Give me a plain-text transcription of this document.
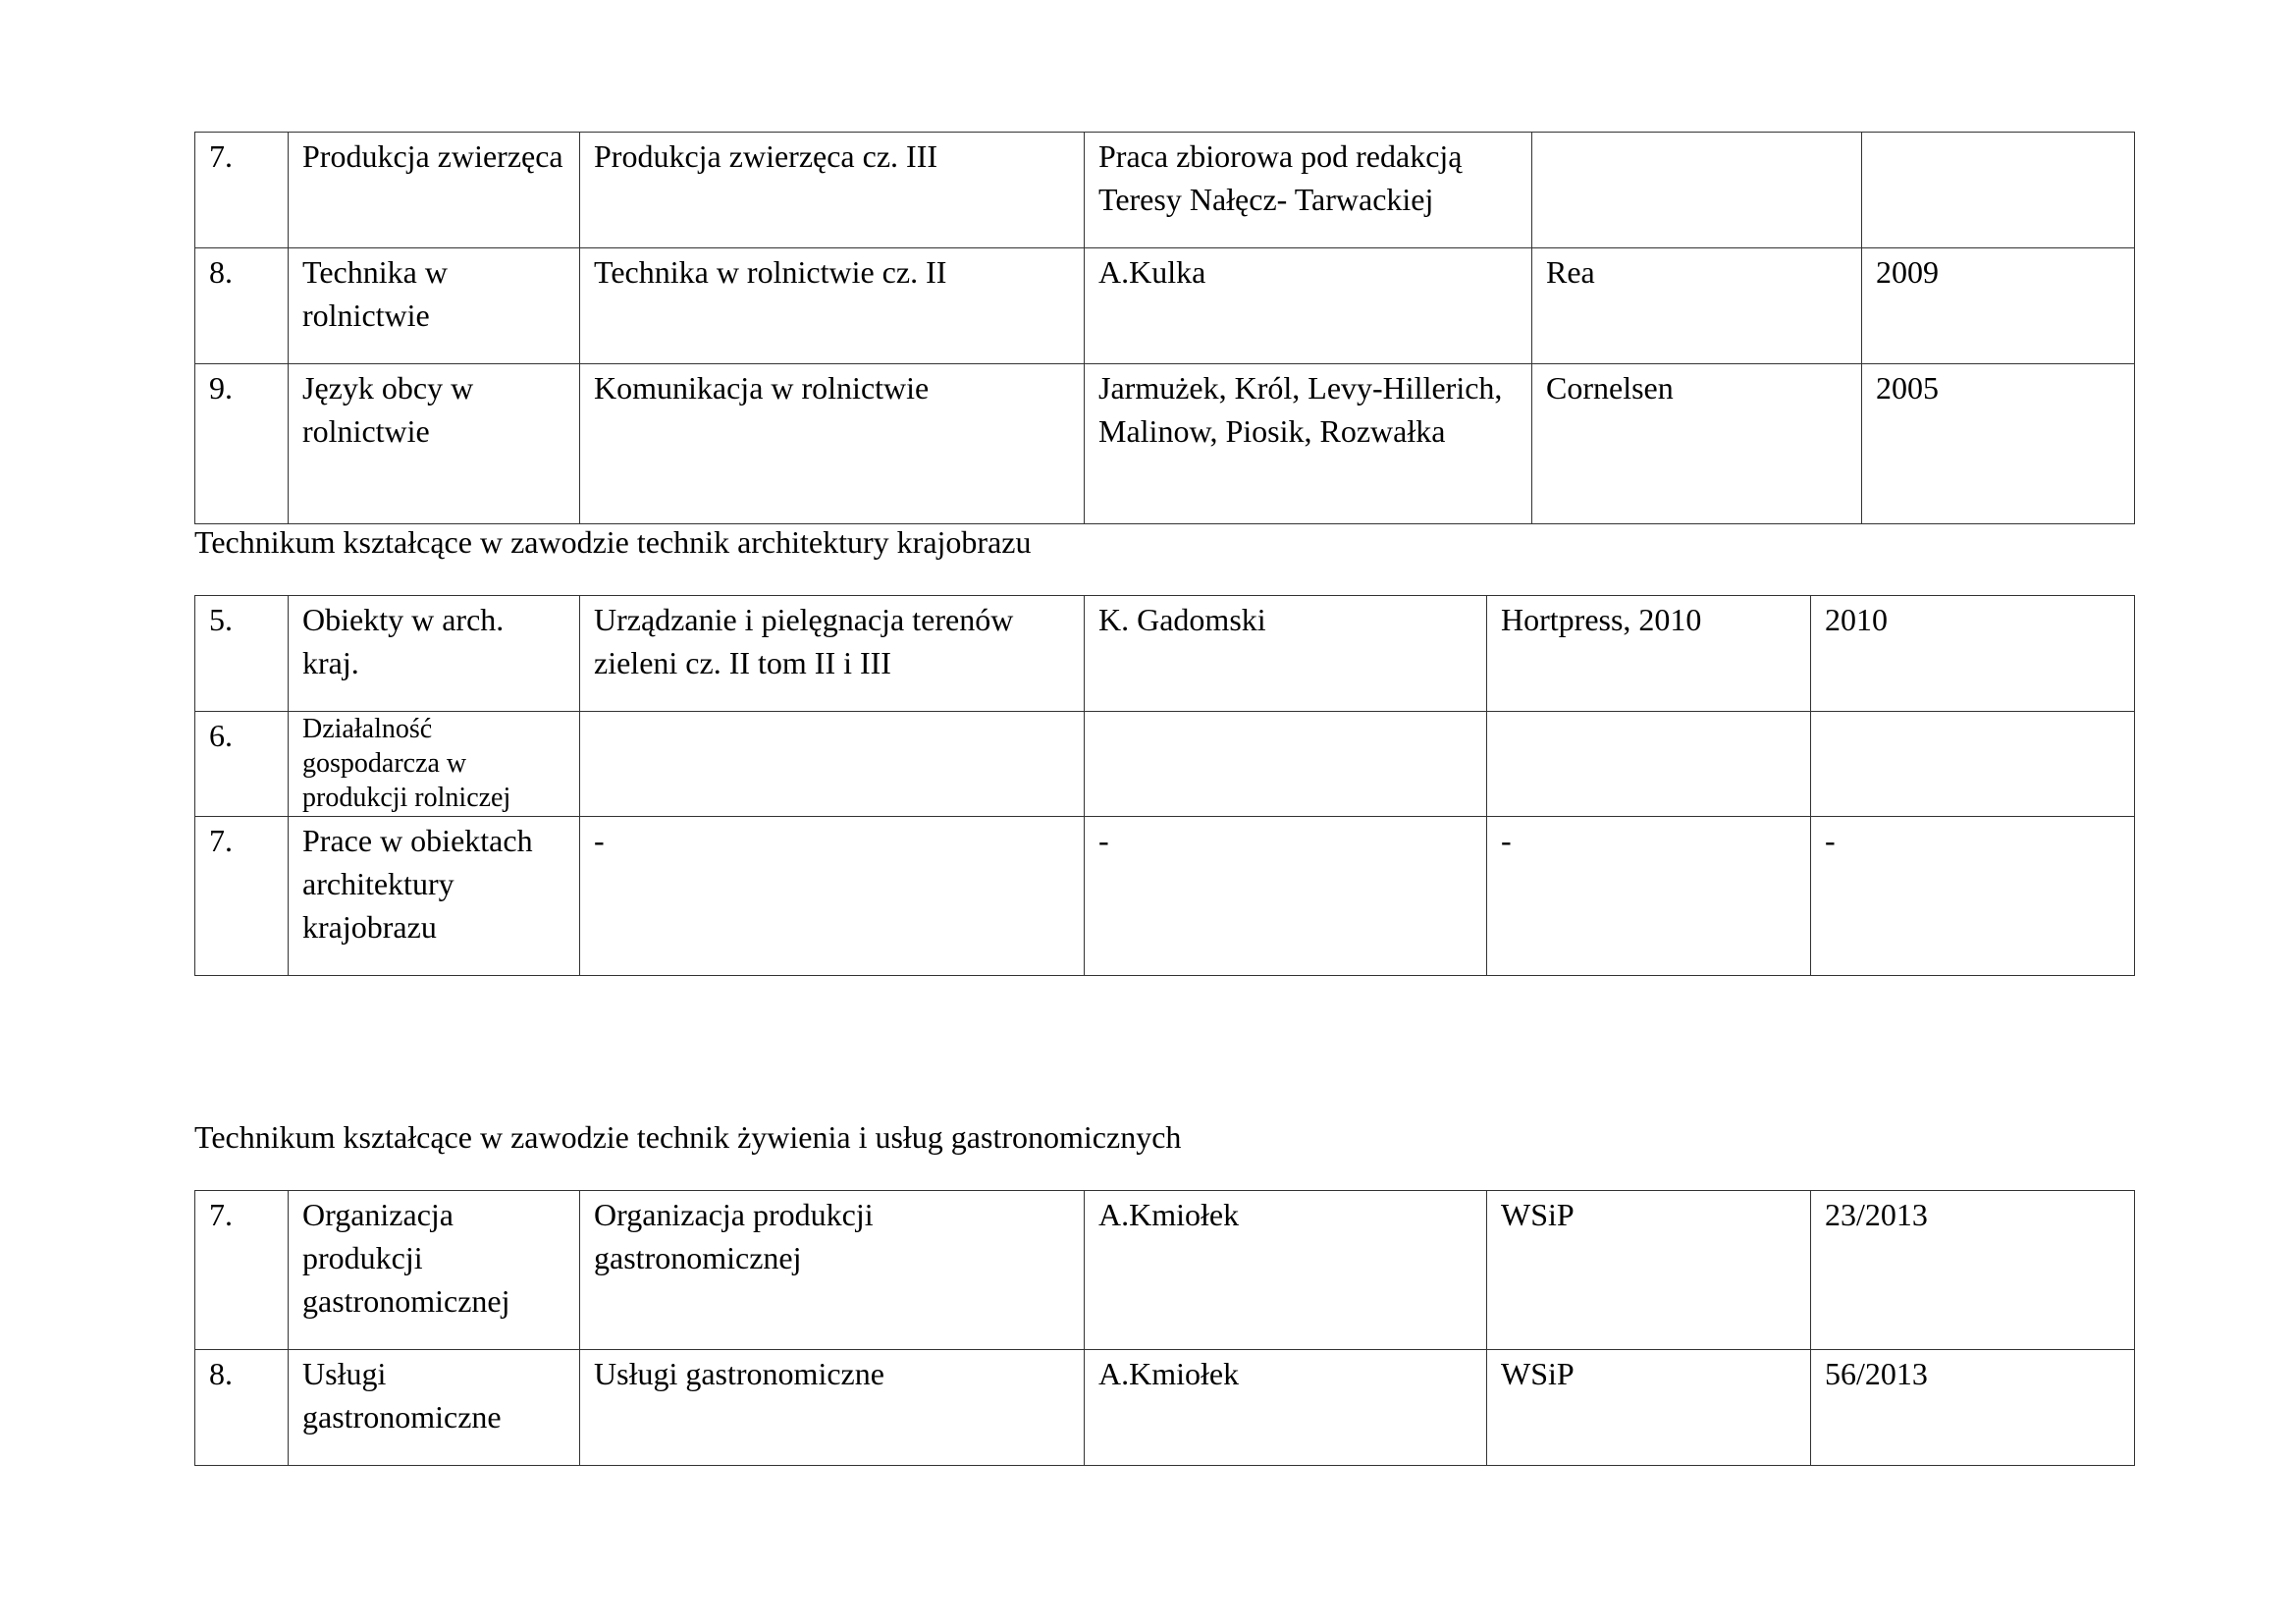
7.	Produkcja zwierzęca	Produkcja zwierzęca cz. III	Praca zbiorowa pod redakcją Teresy Nałęcz- Tarwackiej		
8.	Technika w rolnictwie	Technika w rolnictwie cz. II	A.Kulka	Rea	2009
9.	Język obcy w rolnictwie	Komunikacja w rolnictwie	Jarmużek, Król, Levy-Hillerich, Malinow, Piosik, Rozwałka	Cornelsen	2005
Technikum kształcące w zawodzie technik architektury krajobrazu
5.	Obiekty w arch. kraj.	Urządzanie i pielęgnacja terenów zieleni cz. II tom II i III	K. Gadomski	Hortpress, 2010	2010
6.	Działalność gospodarcza w produkcji rolniczej				
7.	Prace w obiektach architektury krajobrazu	-	-	-	-
Technikum kształcące w zawodzie technik żywienia i usług gastronomicznych
7.	Organizacja produkcji gastronomicznej	Organizacja produkcji gastronomicznej	A.Kmiołek	WSiP	23/2013
8.	Usługi gastronomiczne	Usługi gastronomiczne	A.Kmiołek	WSiP	56/2013
